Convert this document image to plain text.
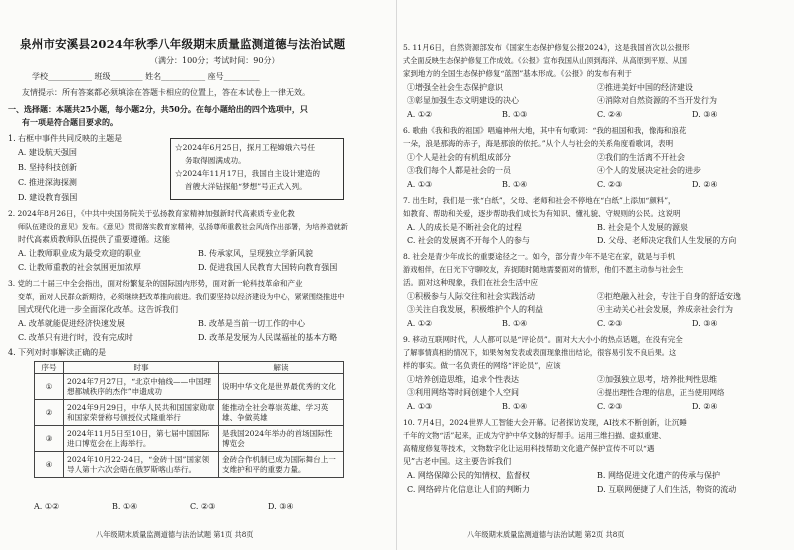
泉州市安溪县2024年秋季八年级期末质量监测道德与法治试题
（满分：100分；考试时间：90分）
学校___________ 班级________ 姓名___________ 座号_________
友情提示：所有答案都必须填涂在答题卡相应的位置上，答在本试卷上一律无效。
一、选择题：本题共25小题，每小题2分，共50分。在每小题给出的四个选项中，只
有一项是符合题目要求的。
1. 右框中事件共同反映的主题是
A. 建设航天强国
B. 坚持科技创新
C. 推进深海探测
D. 建设教育强国
☆2024年6月25日，探月工程嫦娥六号任
务取得圆满成功。
☆2024年11月17日，我国自主设计建造的
首艘大洋钻探船“梦想”号正式入列。
2. 2024年8月26日，《中共中央国务院关于弘扬教育家精神加强新时代高素质专业化教
师队伍建设的意见》发布。《意见》贯彻落实教育家精神，弘扬尊师重教社会风尚作出部署，为培养造就新
时代高素质教师队伍提供了重要遵循。这能
A. 让教师职业成为最受欢迎的职业	B. 传承家风，呈现独立学新风貌
C. 让教师重教的社会氛围更加浓厚	D. 促进我国人民教育大国转向教育强国
3. 党的二十届三中全会指出，面对纷繁复杂的国际国内形势，面对新一轮科技革命和产业
变革，面对人民群众新期待，必须继续把改革推向前进。我们要坚持以经济建设为中心，紧紧围绕推进中
国式现代化进一步全面深化改革。这告诉我们
A. 改革就能促进经济快速发展	B. 改革是当前一切工作的中心
C. 改革只有进行时，没有完成时	D. 改革是发展为人民谋福祉的基本方略
4. 下列对时事解读正确的是
序号	时事	解读
①	2024年7月27日，“北京中轴线——中国理想都城秩序的杰作”申遗成功	说明中华文化是世界最优秀的文化
②	2024年9月29日，中华人民共和国国家勋章和国家荣誉称号颁授仪式隆重举行	能推动全社会尊崇英雄、学习英雄、争做英雄
③	2024年11月5日至10日，第七届中国国际进口博览会在上海举行。	是我国2024年举办的首场国际性博览会
④	2024年10月22-24日，“金砖十国”国家领导人第十六次会晤在俄罗斯喀山举行。	金砖合作机制已成为国际舞台上一支维护和平的重要力量。
A. ①②	B. ①④	C. ②③	D. ③④
八年级期末质量监测道德与法治试题 第1页 共8页
5. 11月6日，自然资源部发布《国家生态保护修复公报2024》，这是我国首次以公报形
式全面反映生态保护修复工作成效。《公报》宣布我国从山顶到海洋、从高原到平原、从国
家到地方的全国生态保护修复“蓝图”基本形成。《公报》的发布有利于
①增强全社会生态保护意识	②推进美好中国的经济建设
③彰显加强生态文明建设的决心	④消除对自然资源的不当开发行为
A. ①②	B. ①③	C. ②④	D. ③④
6. 歌曲《我和我的祖国》唱遍神州大地，其中有句歌词：“我的祖国和我，像海和浪花
一朵，浪是那海的赤子，海是那浪的依托。”从个人与社会的关系角度看歌词，表明
①个人是社会的有机组成部分	②我们的生活离不开社会
③我们每个人都是社会的一员	④个人的发展决定社会的进步
A. ①③	B. ①④	C. ②③	D. ②④
7. 出生时，我们是一张“白纸”，父母、老师和社会不停地在“白纸”上添加“颜料”，
如教育、帮助和关爱，逐步帮助我们成长为有知识、懂礼貌、守规则的公民。这说明
A. 人的成长是不断社会化的过程	B. 社会是个人发展的源泉
C. 社会的发展离不开每个人的参与	D. 父母、老师决定我们人生发展的方向
8. 社会是青少年成长的重要途径之一。如今，部分青少年不是宅在家，就是与手机
游戏相伴，在日光下守聊咬友，弃捉随时随地需要面对的情形，他们不愿主动参与社会生
活。面对这种现象，我们在社会生活中应
①积极参与人际交往和社会实践活动	②拒绝融入社会，专注于自身的舒适安逸
③关注自我发展，积极维护个人的利益	④主动关心社会发展，养成亲社会行为
A. ①②	B. ①④	C. ②③	D. ③④
9. 移动互联网时代，人人都可以是“评论员”。面对大大小小的热点话题，在没有完全
了解事情真相的情况下，如果匆匆发表或表面现象推出结论，很容易引发不良后果。这
样的事实。做一名负责任的网络“评论员”，应该
①培养创造思维，追求个性表达	②加强独立思考，培养批判性思维
③利用网络等时间创建个人空间	④提出理性合理的信息，正当使用网络
A. ①③	B. ①④	C. ②③	D. ②④
10. 7月4日，2024世界人工智能大会开幕。记者探访发现，AI技术不断创新，让沉睡
千年的文物“活”起来，正成为守护中华文脉的好帮手。运用三维扫描、虚拟重建、
高精度修复等技术，文物数字化让运用科技帮助文化遗产保护宣传不可以“遇
见”古老中国。这主要告诉我们
A. 网络保障公民的知情权、监督权	B. 网络促进文化遗产的传承与保护
C. 网络碎片化信息让人们的判断力	D. 互联网便捷了人们生活，物资的流动
八年级期末质量监测道德与法治试题 第2页 共8页
